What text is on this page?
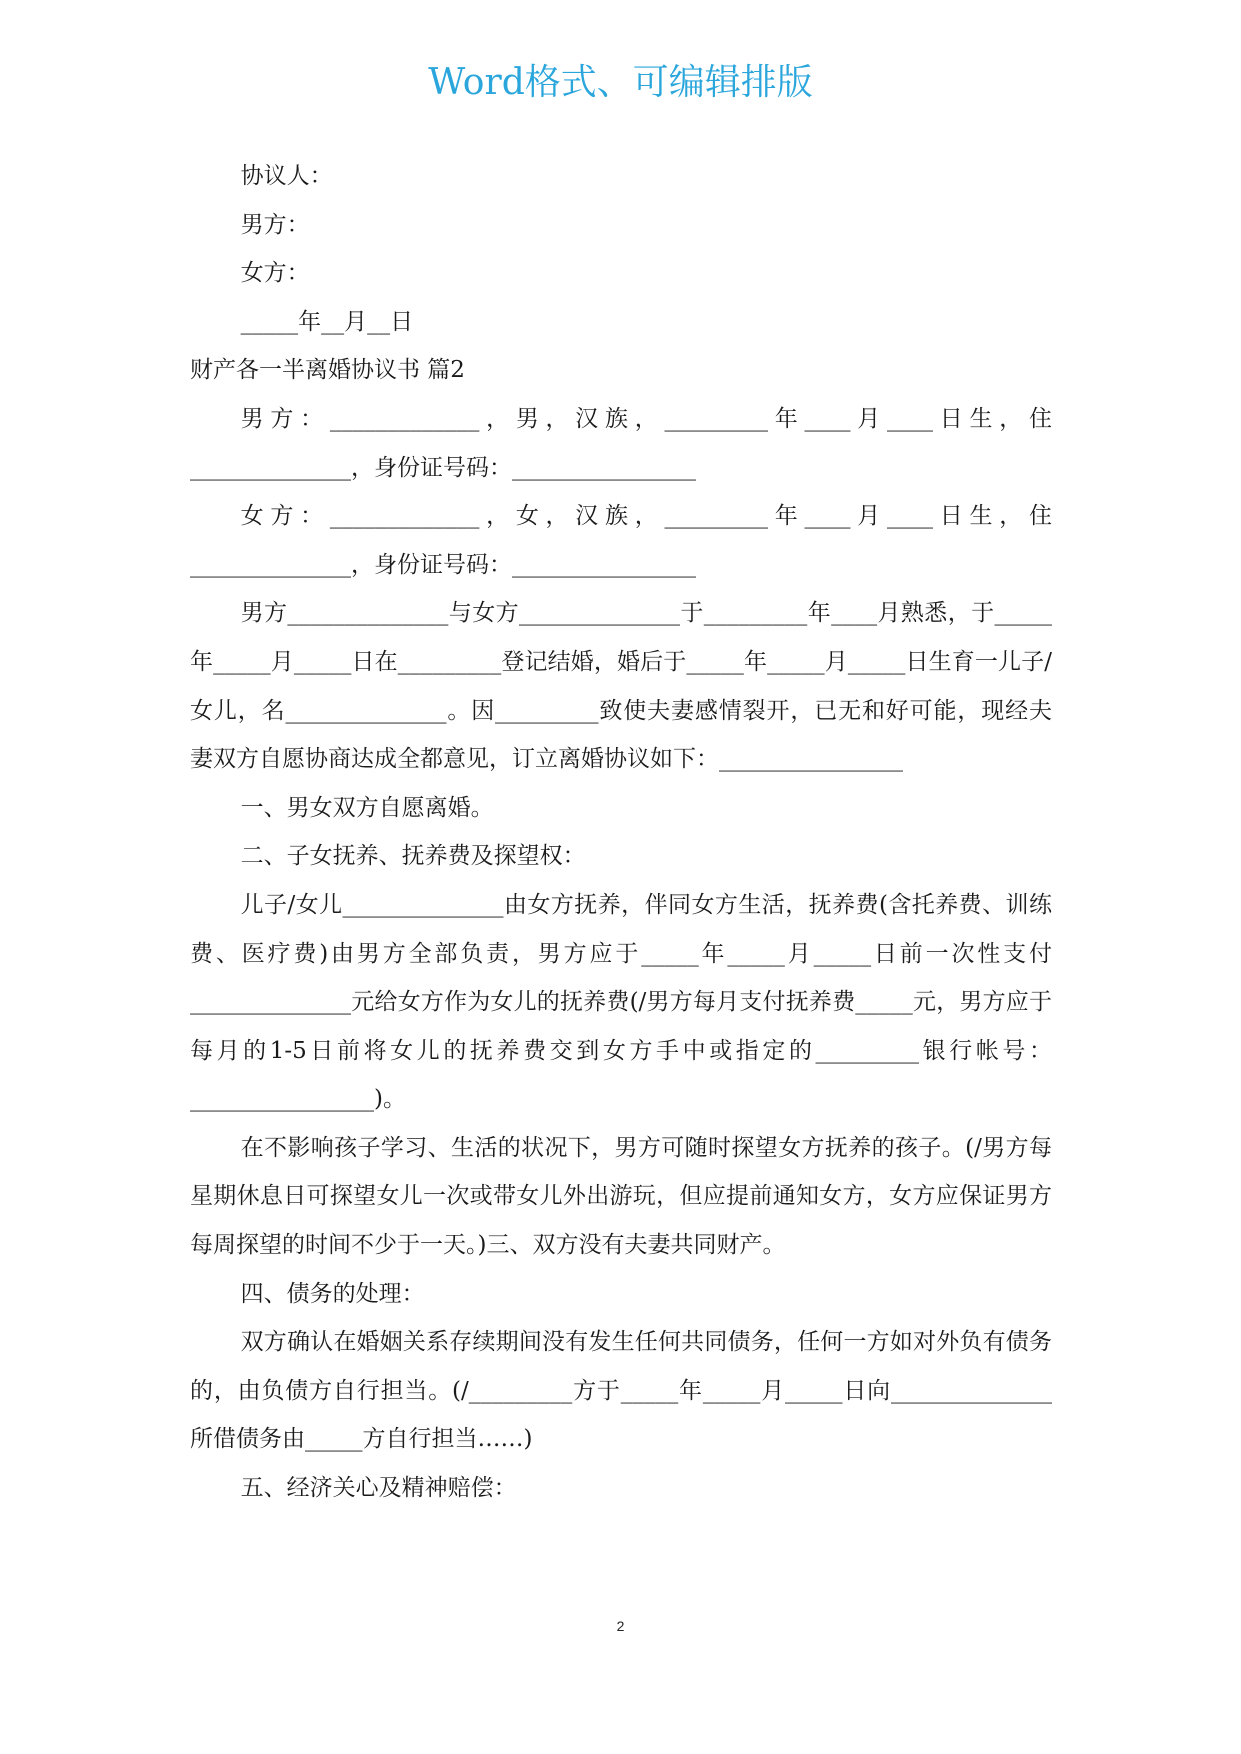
Word格式、可编辑排版

协议人：

男方：

女方：

_____年__月__日

财产各一半离婚协议书 篇2

男方：_____________，男，汉族，_________年____月____日生，住______________，身份证号码：________________

女方：_____________，女，汉族，_________年____月____日生，住______________，身份证号码：________________

男方______________与女方______________于_________年____月熟悉，于_____年_____月_____日在_________登记结婚，婚后于_____年_____月_____日生育一儿子/女儿，名______________。因_________致使夫妻感情裂开，已无和好可能，现经夫妻双方自愿协商达成全都意见，订立离婚协议如下：________________

一、男女双方自愿离婚。

二、子女抚养、抚养费及探望权：

儿子/女儿______________由女方抚养，伴同女方生活，抚养费(含托养费、训练费、医疗费)由男方全部负责，男方应于_____年_____月_____日前一次性支付______________元给女方作为女儿的抚养费(/男方每月支付抚养费_____元，男方应于每月的1-5日前将女儿的抚养费交到女方手中或指定的_________银行帐号：________________)。

在不影响孩子学习、生活的状况下，男方可随时探望女方抚养的孩子。(/男方每星期休息日可探望女儿一次或带女儿外出游玩，但应提前通知女方，女方应保证男方每周探望的时间不少于一天。)三、双方没有夫妻共同财产。

四、债务的处理：

双方确认在婚姻关系存续期间没有发生任何共同债务，任何一方如对外负有债务的，由负债方自行担当。(/_________方于_____年_____月_____日向______________所借债务由_____方自行担当……)

五、经济关心及精神赔偿：

2
